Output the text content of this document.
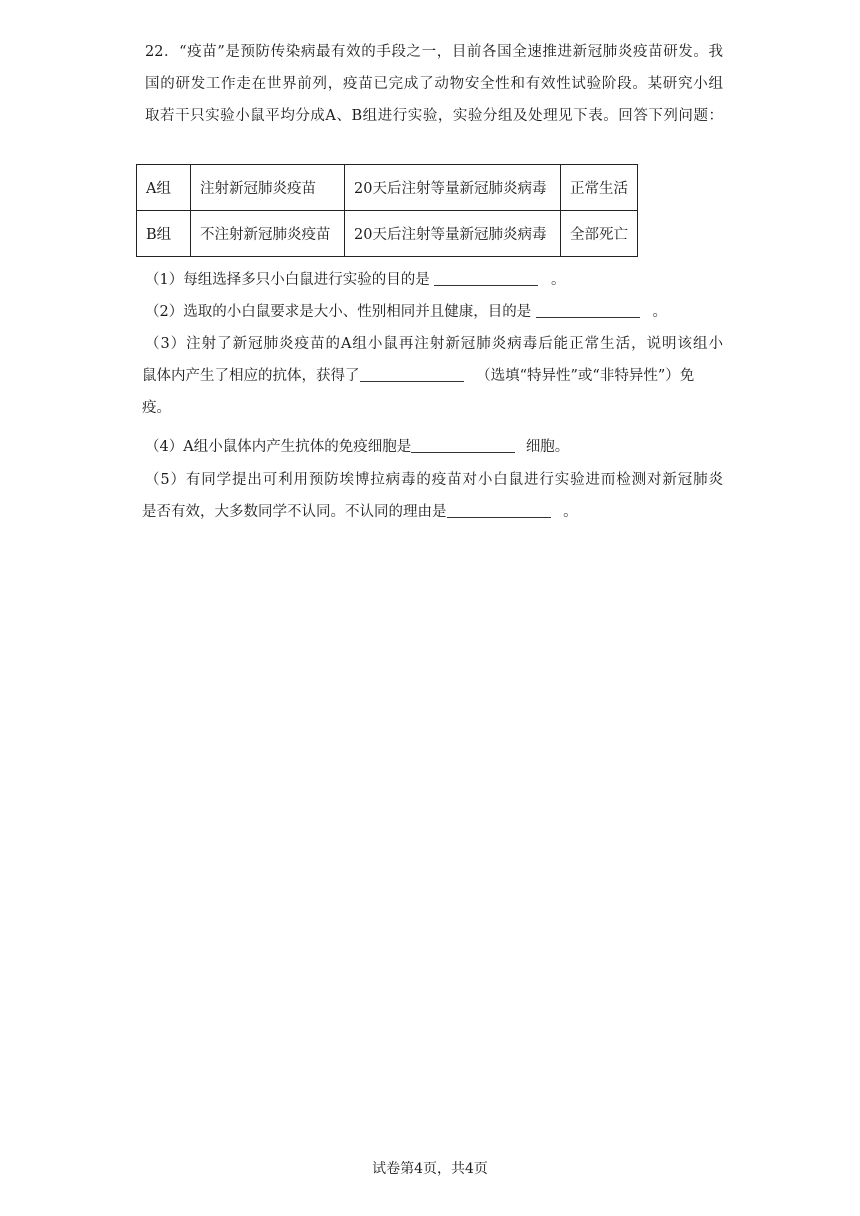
22．“疫苗”是预防传染病最有效的手段之一，目前各国全速推进新冠肺炎疫苗研发。我

国的研发工作走在世界前列，疫苗已完成了动物安全性和有效性试验阶段。某研究小组

取若干只实验小鼠平均分成A、B组进行实验，实验分组及处理见下表。回答下列问题：

A组	注射新冠肺炎疫苗	20天后注射等量新冠肺炎病毒	正常生活
B组	不注射新冠肺炎疫苗	20天后注射等量新冠肺炎病毒	全部死亡
（1）每组选择多只小白鼠进行实验的目的是	。
（2）选取的小白鼠要求是大小、性别相同并且健康，目的是	。
（3）注射了新冠肺炎疫苗的A组小鼠再注射新冠肺炎病毒后能正常生活，说明该组小
鼠体内产生了相应的抗体，获得了	（选填“特异性”或“非特异性”）免
疫。
（4）A组小鼠体内产生抗体的免疫细胞是	细胞。
（5）有同学提出可利用预防埃博拉病毒的疫苗对小白鼠进行实验进而检测对新冠肺炎
是否有效，大多数同学不认同。不认同的理由是	。
试卷第4页，共4页
